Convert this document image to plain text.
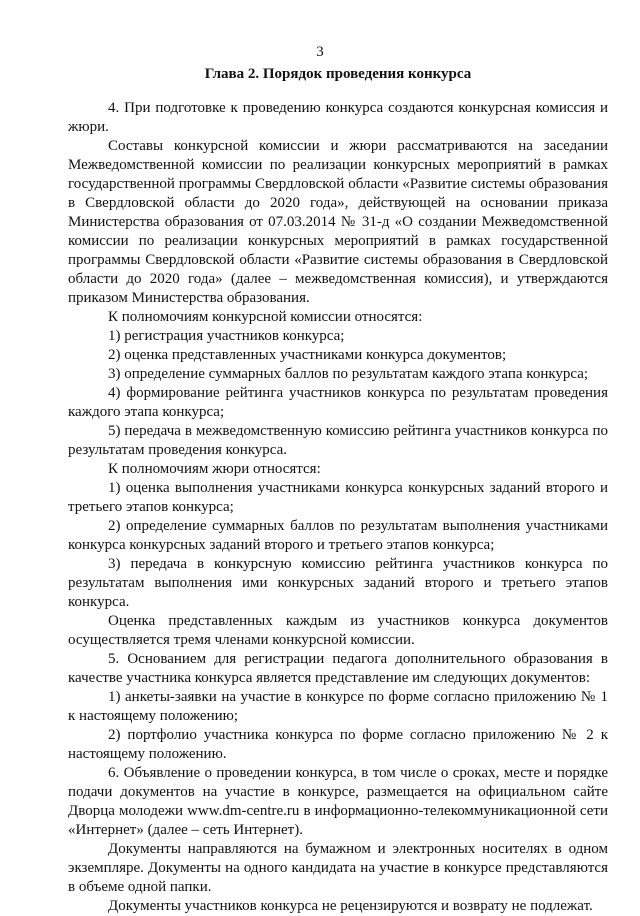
3
Глава 2. Порядок проведения конкурса

4. При подготовке к проведению конкурса создаются конкурсная комиссия и жюри.

Составы конкурсной комиссии и жюри рассматриваются на заседании Межведомственной комиссии по реализации конкурсных мероприятий в рамках государственной программы Свердловской области «Развитие системы образования в Свердловской области до 2020 года», действующей на основании приказа Министерства образования от 07.03.2014 № 31-д «О создании Межведомственной комиссии по реализации конкурсных мероприятий в рамках государственной программы Свердловской области «Развитие системы образования в Свердловской области до 2020 года» (далее – межведомственная комиссия), и утверждаются приказом Министерства образования.

К полномочиям конкурсной комиссии относятся:

1) регистрация участников конкурса;

2) оценка представленных участниками конкурса документов;

3) определение суммарных баллов по результатам каждого этапа конкурса;

4) формирование рейтинга участников конкурса по результатам проведения каждого этапа конкурса;

5) передача в межведомственную комиссию рейтинга участников конкурса по результатам проведения конкурса.

К полномочиям жюри относятся:

1) оценка выполнения участниками конкурса конкурсных заданий второго и третьего этапов конкурса;

2) определение суммарных баллов по результатам выполнения участниками конкурса конкурсных заданий второго и третьего этапов конкурса;

3) передача в конкурсную комиссию рейтинга участников конкурса по результатам выполнения ими конкурсных заданий второго и третьего этапов конкурса.

Оценка представленных каждым из участников конкурса документов осуществляется тремя членами конкурсной комиссии.

5. Основанием для регистрации педагога дополнительного образования в качестве участника конкурса является представление им следующих документов:

1) анкеты-заявки на участие в конкурсе по форме согласно приложению № 1 к настоящему положению;

2) портфолио участника конкурса по форме согласно приложению № 2 к настоящему положению.

6. Объявление о проведении конкурса, в том числе о сроках, месте и порядке подачи документов на участие в конкурсе, размещается на официальном сайте Дворца молодежи www.dm-centre.ru в информационно-телекоммуникационной сети «Интернет» (далее – сеть Интернет).

Документы направляются на бумажном и электронных носителях в одном экземпляре. Документы на одного кандидата на участие в конкурсе представляются в объеме одной папки.

Документы участников конкурса не рецензируются и возврату не подлежат.
